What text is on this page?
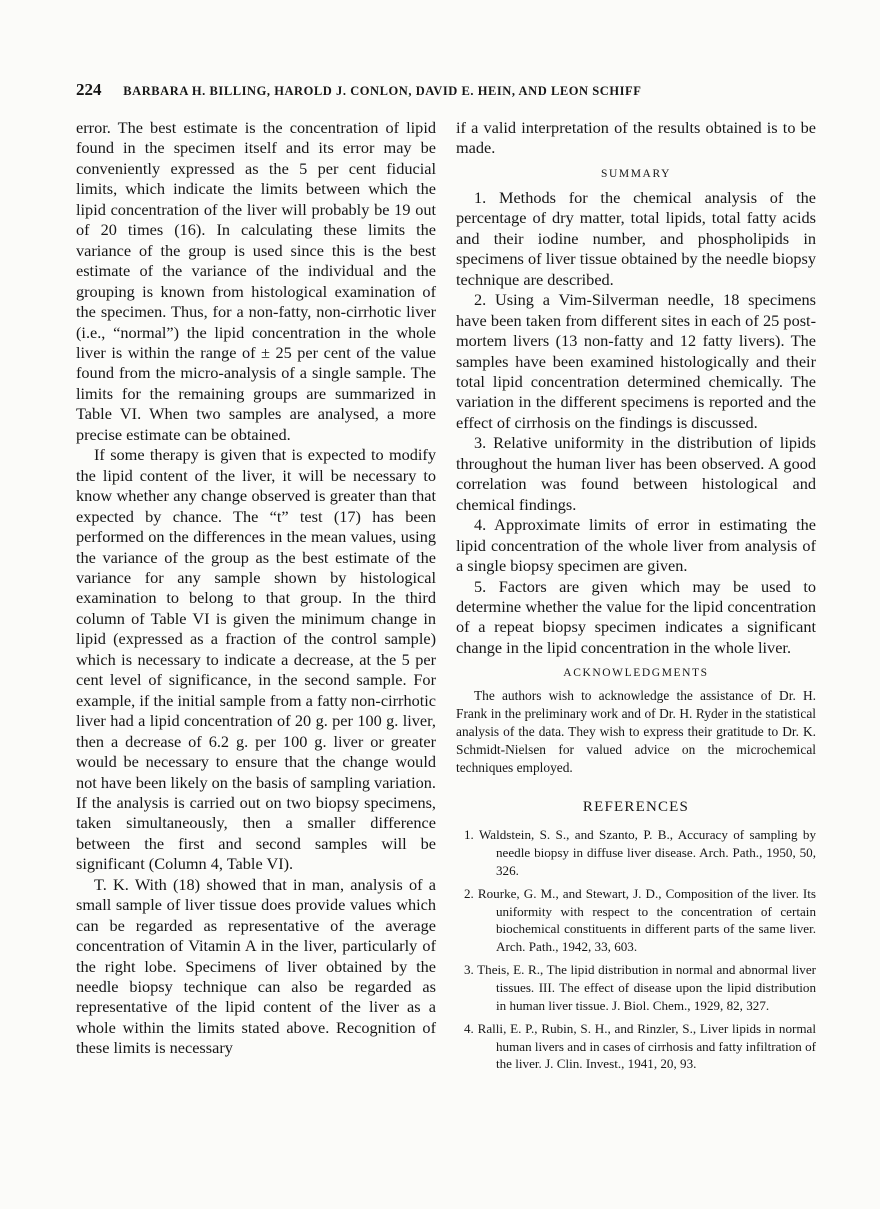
224 BARBARA H. BILLING, HAROLD J. CONLON, DAVID E. HEIN, AND LEON SCHIFF

error. The best estimate is the concentration of lipid found in the specimen itself and its error may be conveniently expressed as the 5 per cent fiducial limits, which indicate the limits between which the lipid concentration of the liver will probably be 19 out of 20 times (16). In calculating these limits the variance of the group is used since this is the best estimate of the variance of the individual and the grouping is known from histological examination of the specimen. Thus, for a non-fatty, non-cirrhotic liver (i.e., “normal”) the lipid concentration in the whole liver is within the range of ± 25 per cent of the value found from the micro-analysis of a single sample. The limits for the remaining groups are summarized in Table VI. When two samples are analysed, a more precise estimate can be obtained.

If some therapy is given that is expected to modify the lipid content of the liver, it will be necessary to know whether any change observed is greater than that expected by chance. The “t” test (17) has been performed on the differences in the mean values, using the variance of the group as the best estimate of the variance for any sample shown by histological examination to belong to that group. In the third column of Table VI is given the minimum change in lipid (expressed as a fraction of the control sample) which is necessary to indicate a decrease, at the 5 per cent level of significance, in the second sample. For example, if the initial sample from a fatty non-cirrhotic liver had a lipid concentration of 20 g. per 100 g. liver, then a decrease of 6.2 g. per 100 g. liver or greater would be necessary to ensure that the change would not have been likely on the basis of sampling variation. If the analysis is carried out on two biopsy specimens, taken simultaneously, then a smaller difference between the first and second samples will be significant (Column 4, Table VI).

T. K. With (18) showed that in man, analysis of a small sample of liver tissue does provide values which can be regarded as representative of the average concentration of Vitamin A in the liver, particularly of the right lobe. Specimens of liver obtained by the needle biopsy technique can also be regarded as representative of the lipid content of the liver as a whole within the limits stated above. Recognition of these limits is necessary

if a valid interpretation of the results obtained is to be made.

SUMMARY

1. Methods for the chemical analysis of the percentage of dry matter, total lipids, total fatty acids and their iodine number, and phospholipids in specimens of liver tissue obtained by the needle biopsy technique are described.

2. Using a Vim-Silverman needle, 18 specimens have been taken from different sites in each of 25 post-mortem livers (13 non-fatty and 12 fatty livers). The samples have been examined histologically and their total lipid concentration determined chemically. The variation in the different specimens is reported and the effect of cirrhosis on the findings is discussed.

3. Relative uniformity in the distribution of lipids throughout the human liver has been observed. A good correlation was found between histological and chemical findings.

4. Approximate limits of error in estimating the lipid concentration of the whole liver from analysis of a single biopsy specimen are given.

5. Factors are given which may be used to determine whether the value for the lipid concentration of a repeat biopsy specimen indicates a significant change in the lipid concentration in the whole liver.

ACKNOWLEDGMENTS

The authors wish to acknowledge the assistance of Dr. H. Frank in the preliminary work and of Dr. H. Ryder in the statistical analysis of the data. They wish to express their gratitude to Dr. K. Schmidt-Nielsen for valued advice on the microchemical techniques employed.

REFERENCES

1. Waldstein, S. S., and Szanto, P. B., Accuracy of sampling by needle biopsy in diffuse liver disease. Arch. Path., 1950, 50, 326.

2. Rourke, G. M., and Stewart, J. D., Composition of the liver. Its uniformity with respect to the concentration of certain biochemical constituents in different parts of the same liver. Arch. Path., 1942, 33, 603.

3. Theis, E. R., The lipid distribution in normal and abnormal liver tissues. III. The effect of disease upon the lipid distribution in human liver tissue. J. Biol. Chem., 1929, 82, 327.

4. Ralli, E. P., Rubin, S. H., and Rinzler, S., Liver lipids in normal human livers and in cases of cirrhosis and fatty infiltration of the liver. J. Clin. Invest., 1941, 20, 93.
